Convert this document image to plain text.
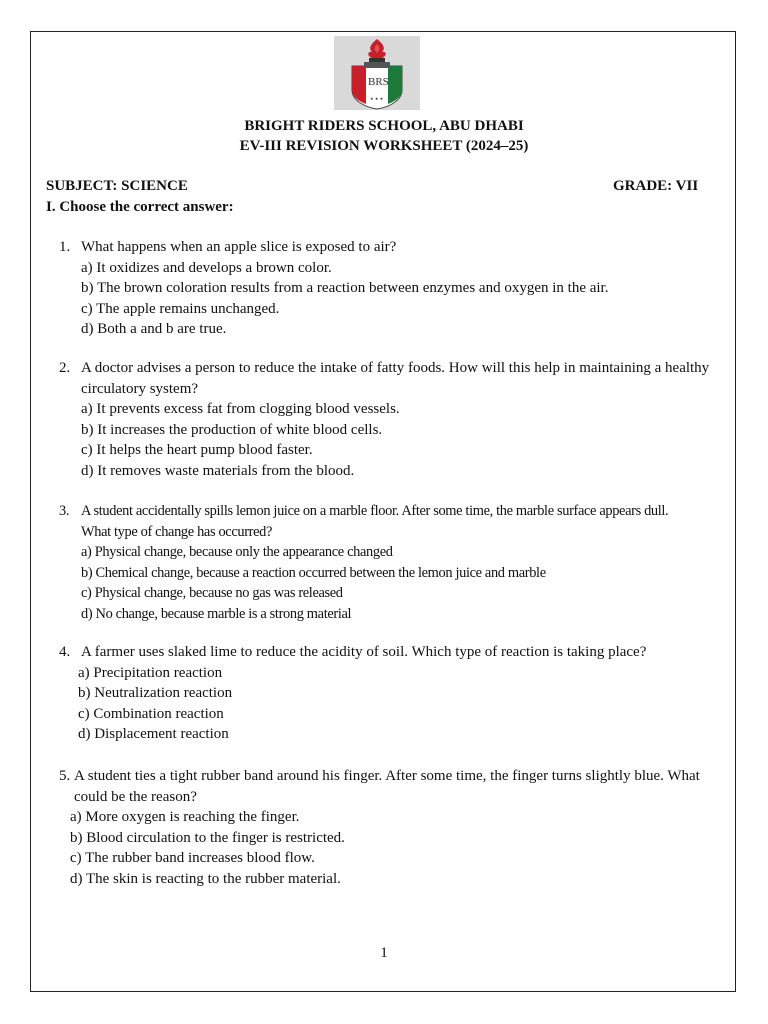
★ ★ ★
BRS
BRIGHT RIDERS SCHOOL, ABU DHABI
EV-III REVISION WORKSHEET (2024–25)
SUBJECT: SCIENCE	GRADE: VII
I. Choose the correct answer:
1. What happens when an apple slice is exposed to air?
a) It oxidizes and develops a brown color.
b) The brown coloration results from a reaction between enzymes and oxygen in the air.
c) The apple remains unchanged.
d) Both a and b are true.
2. A doctor advises a person to reduce the intake of fatty foods. How will this help in maintaining a healthy
circulatory system?
a) It prevents excess fat from clogging blood vessels.
b) It increases the production of white blood cells.
c) It helps the heart pump blood faster.
d) It removes waste materials from the blood.
3. A student accidentally spills lemon juice on a marble floor. After some time, the marble surface appears dull.
What type of change has occurred?
a) Physical change, because only the appearance changed
b) Chemical change, because a reaction occurred between the lemon juice and marble
c) Physical change, because no gas was released
d) No change, because marble is a strong material
4. A farmer uses slaked lime to reduce the acidity of soil. Which type of reaction is taking place?
a) Precipitation reaction
b) Neutralization reaction
c) Combination reaction
d) Displacement reaction
5. A student ties a tight rubber band around his finger. After some time, the finger turns slightly blue. What
could be the reason?
a) More oxygen is reaching the finger.
b) Blood circulation to the finger is restricted.
c) The rubber band increases blood flow.
d) The skin is reacting to the rubber material.
1
